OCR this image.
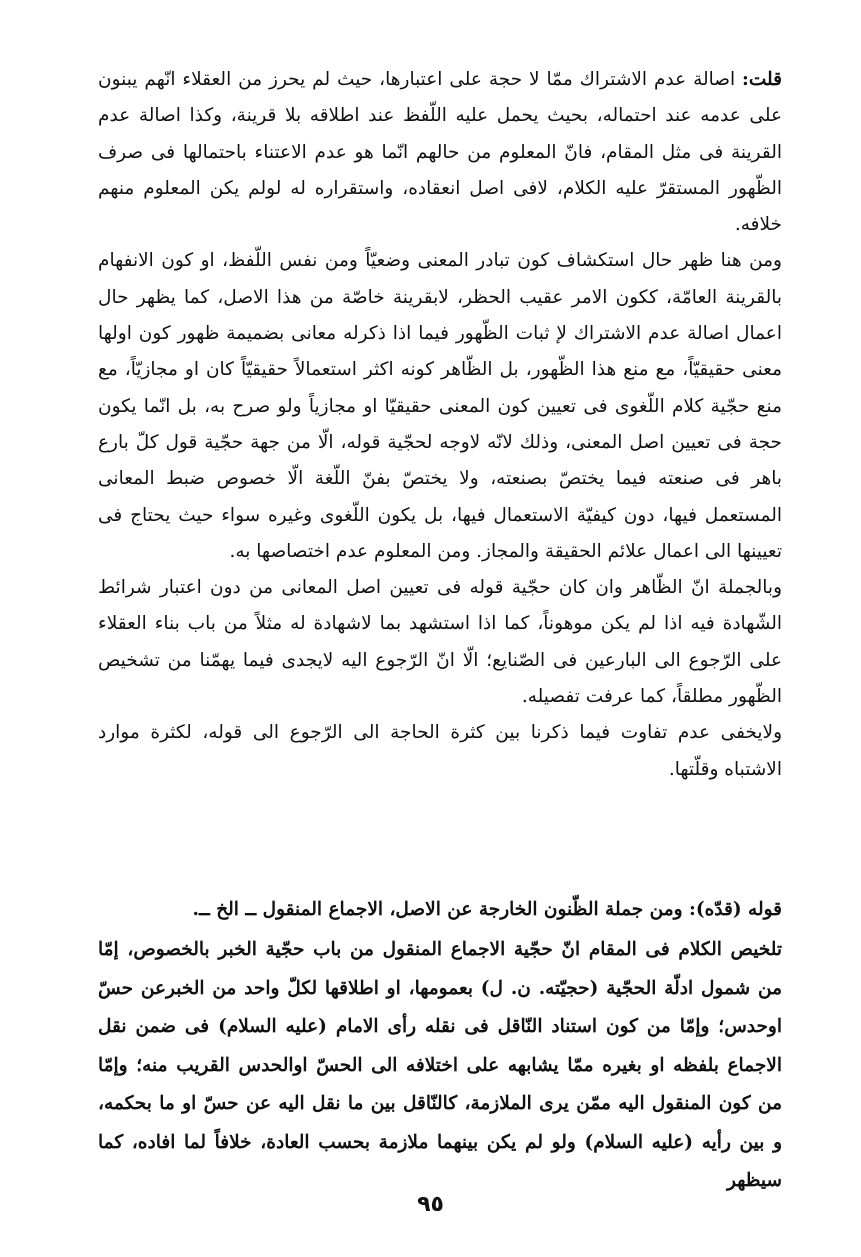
قلت: اصالة عدم الاشتراك ممّا لا حجة على اعتبارها، حيث لم يحرز من العقلاء انّهم يبنون على عدمه عند احتماله، بحيث يحمل عليه اللّفظ عند اطلاقه بلا قرينة، وكذا اصالة عدم القرينة فى مثل المقام، فانّ المعلوم من حالهم انّما هو عدم الاعتناء باحتمالها فى صرف الظّهور المستقرّ عليه الكلام، لافى اصل انعقاده، واستقراره له لولم يكن المعلوم منهم خلافه.

ومن هنا ظهر حال استكشاف كون تبادر المعنى وضعيّاً ومن نفس اللّفظ، او كون الانفهام بالقرينة العامّة، ككون الامر عقيب الحظر، لابقرينة خاصّة من هذا الاصل، كما يظهر حال اعمال اصالة عدم الاشتراك لإ ثبات الظّهور فيما اذا ذكرله معانى بضميمة ظهور كون اولها معنى حقيقيّاً، مع منع هذا الظّهور، بل الظّاهر كونه اكثر استعمالاً حقيقيّاً كان او مجازيّاً، مع منع حجّية كلام اللّغوى فى تعيين كون المعنى حقيقيّا او مجازياً ولو صرح به، بل انّما يكون حجة فى تعيين اصل المعنى، وذلك لانّه لاوجه لحجّية قوله، الّا من جهة حجّية قول كلّ بارع باهر فى صنعته فيما يختصّ بصنعته، ولا يختصّ بفنّ اللّغة الّا خصوص ضبط المعانى المستعمل فيها، دون كيفيّة الاستعمال فيها، بل يكون اللّغوى وغيره سواء حيث يحتاج فى تعيينها الى اعمال علائم الحقيقة والمجاز. ومن المعلوم عدم اختصاصها به.

وبالجملة انّ الظّاهر وان كان حجّية قوله فى تعيين اصل المعانى من دون اعتبار شرائط الشّهادة فيه اذا لم يكن موهوناً، كما اذا استشهد بما لاشهادة له مثلاً من باب بناء العقلاء على الرّجوع الى البارعين فى الصّنايع؛ الّا انّ الرّجوع اليه لايجدى فيما يهمّنا من تشخيص الظّهور مطلقاً، كما عرفت تفصيله.

ولايخفى عدم تفاوت فيما ذكرنا بين كثرة الحاجة الى الرّجوع الى قوله، لكثرة موارد الاشتباه وقلّتها.

قوله (قدّه): ومن جملة الظّنون الخارجة عن الاصل، الاجماع المنقول ــ الخ ــ.

تلخيص الكلام فى المقام انّ حجّية الاجماع المنقول من باب حجّية الخبر بالخصوص، إمّا من شمول ادلّة الحجّية (حجيّته. ن. ل) بعمومها، او اطلاقها لكلّ واحد من الخبرعن حسّ اوحدس؛ وإمّا من كون استناد النّاقل فى نقله رأى الامام (عليه السلام) فى ضمن نقل الاجماع بلفظه او بغيره ممّا يشابهه على اختلافه الى الحسّ اوالحدس القريب منه؛ وإمّا من كون المنقول اليه ممّن يرى الملازمة، كالنّاقل بين ما نقل اليه عن حسّ او ما بحكمه، و بين رأيه (عليه السلام) ولو لم يكن بينهما ملازمة بحسب العادة، خلافاً لما افاده، كما سيظهر

٩٥
